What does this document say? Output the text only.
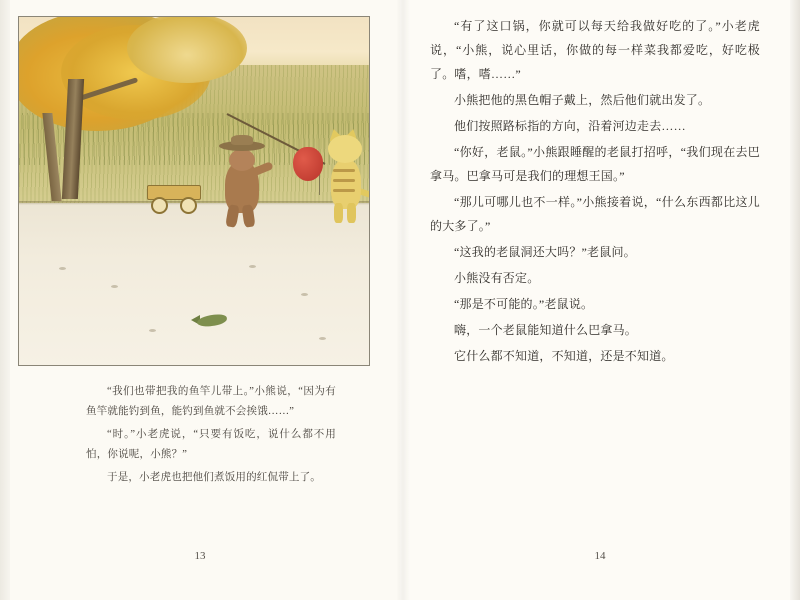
“我们也带把我的鱼竿儿带上。”小熊说，“因为有鱼竿就能钓到鱼，能钓到鱼就不会挨饿……”

“时。”小老虎说，“只要有饭吃，说什么都不用怕，你说呢，小熊？”

于是，小老虎也把他们煮饭用的红侃带上了。

13

“有了这口锅，你就可以每天给我做好吃的了。”小老虎说，“小熊，说心里话，你做的每一样菜我都爱吃，好吃极了。嗜，嗜……”

小熊把他的黑色帽子戴上，然后他们就出发了。

他们按照路标指的方向，沿着河边走去……

“你好，老鼠。”小熊跟睡醒的老鼠打招呼，“我们现在去巴拿马。巴拿马可是我们的理想王国。”

“那儿可哪儿也不一样。”小熊接着说，“什么东西都比这儿的大多了。”

“这我的老鼠洞还大吗？”老鼠问。

小熊没有否定。

“那是不可能的。”老鼠说。

嗨，一个老鼠能知道什么巴拿马。

它什么都不知道，不知道，还是不知道。

14
